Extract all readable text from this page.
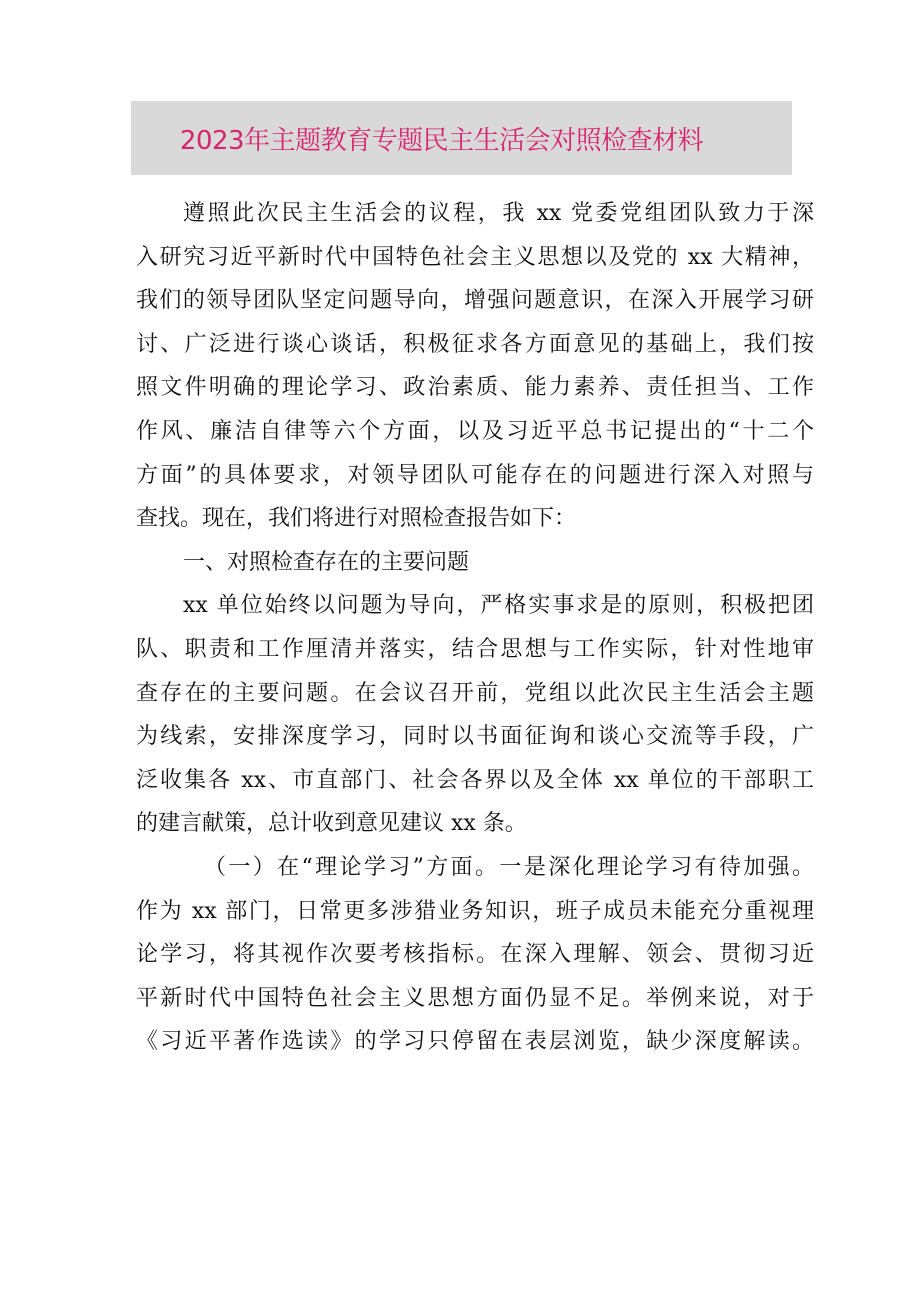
2023年主题教育专题民主生活会对照检查材料
遵照此次民主生活会的议程，我 xx 党委党组团队致力于深
入研究习近平新时代中国特色社会主义思想以及党的 xx 大精神，
我们的领导团队坚定问题导向，增强问题意识，在深入开展学习研
讨、广泛进行谈心谈话，积极征求各方面意见的基础上，我们按
照文件明确的理论学习、政治素质、能力素养、责任担当、工作
作风、廉洁自律等六个方面，以及习近平总书记提出的“十二个
方面”的具体要求，对领导团队可能存在的问题进行深入对照与
查找。现在，我们将进行对照检查报告如下：
一、对照检查存在的主要问题
xx 单位始终以问题为导向，严格实事求是的原则，积极把团
队、职责和工作厘清并落实，结合思想与工作实际，针对性地审
查存在的主要问题。在会议召开前，党组以此次民主生活会主题
为线索，安排深度学习，同时以书面征询和谈心交流等手段，广
泛收集各 xx、市直部门、社会各界以及全体 xx 单位的干部职工
的建言献策，总计收到意见建议 xx 条。
（一）在“理论学习”方面。一是深化理论学习有待加强。
作为 xx 部门，日常更多涉猎业务知识，班子成员未能充分重视理
论学习，将其视作次要考核指标。在深入理解、领会、贯彻习近
平新时代中国特色社会主义思想方面仍显不足。举例来说，对于
《习近平著作选读》的学习只停留在表层浏览，缺少深度解读。
